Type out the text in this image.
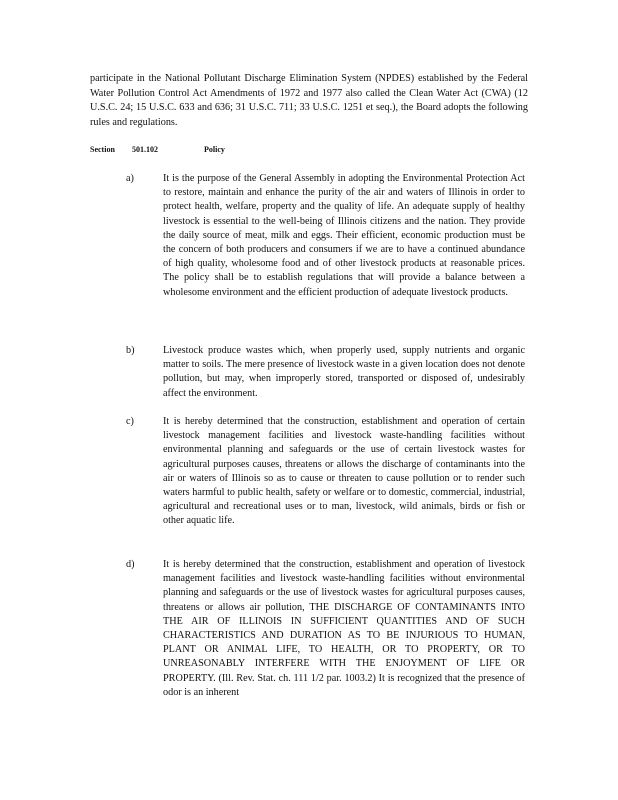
participate in the National Pollutant Discharge Elimination System (NPDES) established by the Federal Water Pollution Control Act Amendments of 1972 and 1977 also called the Clean Water Act (CWA) (12 U.S.C. 24; 15 U.S.C. 633 and 636; 31 U.S.C. 711; 33 U.S.C. 1251 et seq.), the Board adopts the following rules and regulations.

Section 501.102	Policy
a)	It is the purpose of the General Assembly in adopting the Environmental Protection Act to restore, maintain and enhance the purity of the air and waters of Illinois in order to protect health, welfare, property and the quality of life. An adequate supply of healthy livestock is essential to the well-being of Illinois citizens and the nation. They provide the daily source of meat, milk and eggs. Their efficient, economic production must be the concern of both producers and consumers if we are to have a continued abundance of high quality, wholesome food and of other livestock products at reasonable prices. The policy shall be to establish regulations that will provide a balance between a wholesome environment and the efficient production of adequate livestock products.

b)	Livestock produce wastes which, when properly used, supply nutrients and organic matter to soils. The mere presence of livestock waste in a given location does not denote pollution, but may, when improperly stored, transported or disposed of, undesirably affect the environment.

c)	It is hereby determined that the construction, establishment and operation of certain livestock management facilities and livestock waste-handling facilities without environmental planning and safeguards or the use of certain livestock wastes for agricultural purposes causes, threatens or allows the discharge of contaminants into the air or waters of Illinois so as to cause or threaten to cause pollution or to render such waters harmful to public health, safety or welfare or to domestic, commercial, industrial, agricultural and recreational uses or to man, livestock, wild animals, birds or fish or other aquatic life.

d)	It is hereby determined that the construction, establishment and operation of livestock management facilities and livestock waste-handling facilities without environmental planning and safeguards or the use of livestock wastes for agricultural purposes causes, threatens or allows air pollution, THE DISCHARGE OF CONTAMINANTS INTO THE AIR OF ILLINOIS IN SUFFICIENT QUANTITIES AND OF SUCH CHARACTERISTICS AND DURATION AS TO BE INJURIOUS TO HUMAN, PLANT OR ANIMAL LIFE, TO HEALTH, OR TO PROPERTY, OR TO UNREASONABLY INTERFERE WITH THE ENJOYMENT OF LIFE OR PROPERTY. (Ill. Rev. Stat. ch. 111 1/2 par. 1003.2) It is recognized that the presence of odor is an inherent
